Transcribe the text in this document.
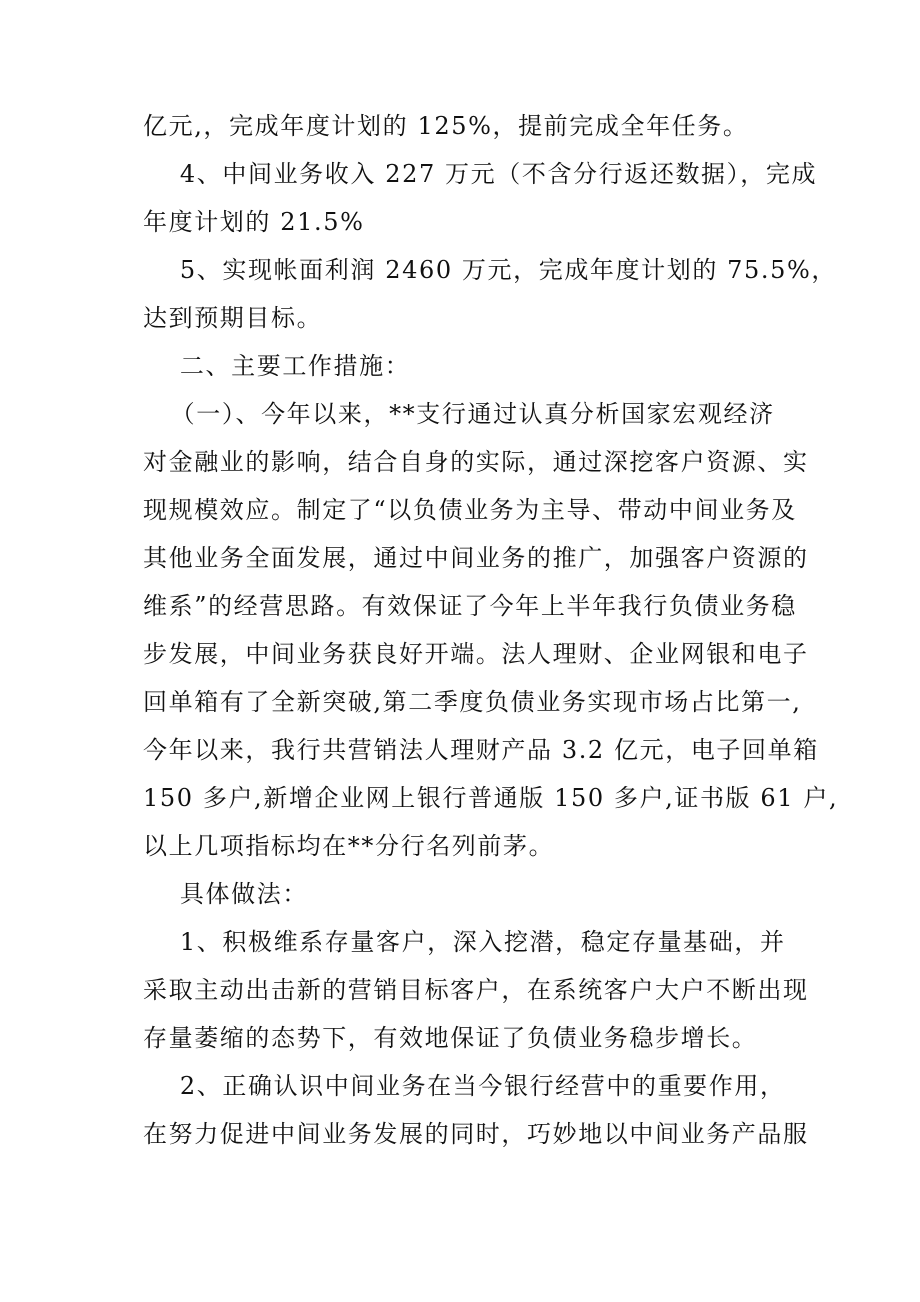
亿元,，完成年度计划的 125%，提前完成全年任务。
4、中间业务收入 227 万元（不含分行返还数据），完成
年度计划的 21.5%
5、实现帐面利润 2460 万元，完成年度计划的 75.5%，
达到预期目标。
二、主要工作措施：
（一）、今年以来，**支行通过认真分析国家宏观经济
对金融业的影响，结合自身的实际，通过深挖客户资源、实
现规模效应。制定了“以负债业务为主导、带动中间业务及
其他业务全面发展，通过中间业务的推广，加强客户资源的
维系”的经营思路。有效保证了今年上半年我行负债业务稳
步发展，中间业务获良好开端。法人理财、企业网银和电子
回单箱有了全新突破,第二季度负债业务实现市场占比第一,
今年以来，我行共营销法人理财产品 3.2 亿元，电子回单箱
150 多户,新增企业网上银行普通版 150 多户,证书版 61 户,
以上几项指标均在**分行名列前茅。
具体做法：
1、积极维系存量客户，深入挖潜，稳定存量基础，并
采取主动出击新的营销目标客户，在系统客户大户不断出现
存量萎缩的态势下，有效地保证了负债业务稳步增长。
2、正确认识中间业务在当今银行经营中的重要作用，
在努力促进中间业务发展的同时，巧妙地以中间业务产品服
